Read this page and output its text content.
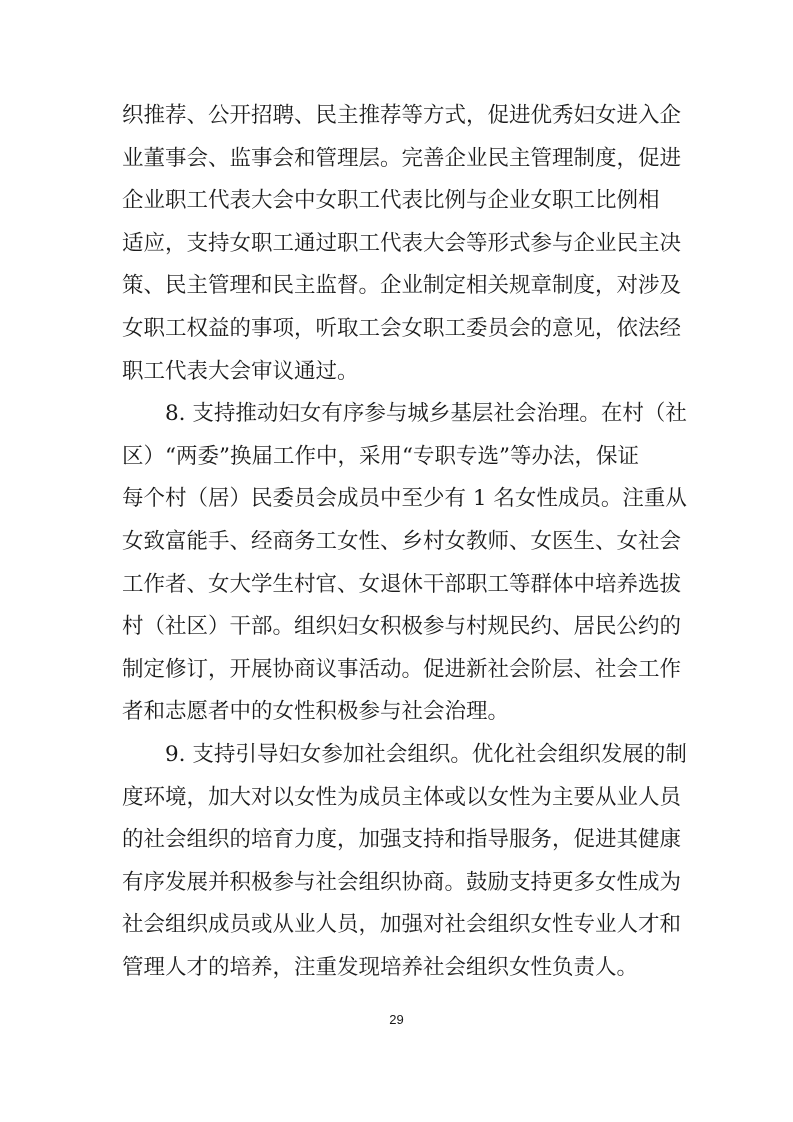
织推荐、公开招聘、民主推荐等方式，促进优秀妇女进入企
业董事会、监事会和管理层。完善企业民主管理制度，促进
企业职工代表大会中女职工代表比例与企业女职工比例相
适应，支持女职工通过职工代表大会等形式参与企业民主决
策、民主管理和民主监督。企业制定相关规章制度，对涉及
女职工权益的事项，听取工会女职工委员会的意见，依法经
职工代表大会审议通过。
　　8. 支持推动妇女有序参与城乡基层社会治理。在村（社
区）“两委”换届工作中，采用“专职专选”等办法，保证
每个村（居）民委员会成员中至少有 1 名女性成员。注重从
女致富能手、经商务工女性、乡村女教师、女医生、女社会
工作者、女大学生村官、女退休干部职工等群体中培养选拔
村（社区）干部。组织妇女积极参与村规民约、居民公约的
制定修订，开展协商议事活动。促进新社会阶层、社会工作
者和志愿者中的女性积极参与社会治理。
　　9. 支持引导妇女参加社会组织。优化社会组织发展的制
度环境，加大对以女性为成员主体或以女性为主要从业人员
的社会组织的培育力度，加强支持和指导服务，促进其健康
有序发展并积极参与社会组织协商。鼓励支持更多女性成为
社会组织成员或从业人员，加强对社会组织女性专业人才和
管理人才的培养，注重发现培养社会组织女性负责人。
29
